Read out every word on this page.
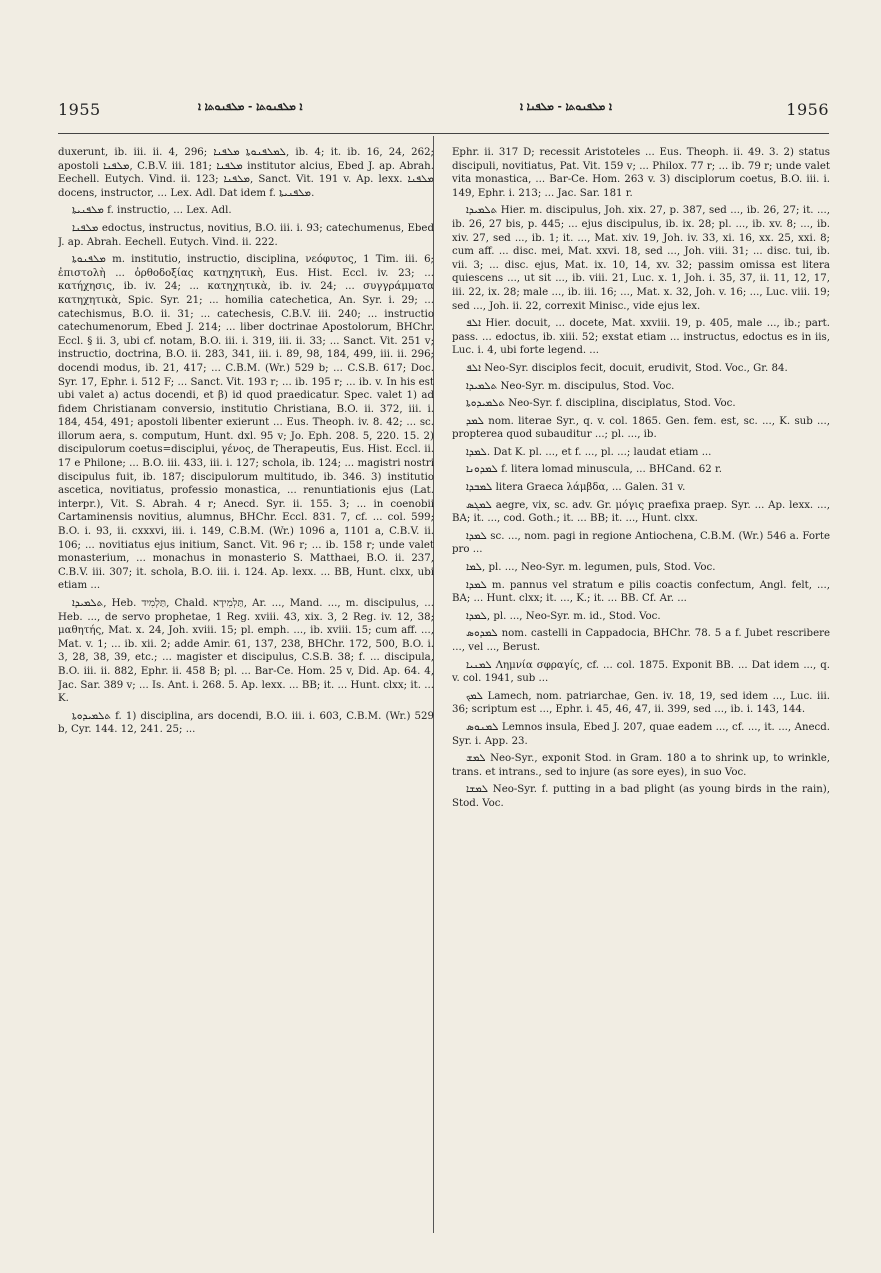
1955	ܐ ܡܠܦܢܘܬܐ - ܡܠܦܢܘܬܐ ܐ	ܐ ܡܠܦܢܘܬܐ - ܡܠܦܢܐ ܐ	1956

duxerunt, ib. iii. ii. 4, 296; ܠܡܠܦܢܘܬܐ ܡܠܦܢܐ, ib. 4; it. ib. 16, 24, 262; apostoli ܡܠܦܢܐ, C.B.V. iii. 181; ܡܠܦܢܐ institutor alcius, Ebed J. ap. Abrah. Eechell. Eutych. Vind. ii. 123; ܡܠܦܢܐ, Sanct. Vit. 191 v. Ap. lexx. ܡܠܦܢܐ docens, instructor, ... Lex. Adl. Dat idem f. ܡܠܦܢܝܬܐ.

ܡܠܦܢܝܬܐ f. instructio, ... Lex. Adl.

ܡܠܦܢܐ edoctus, instructus, novitius, B.O. iii. i. 93; catechumenus, Ebed J. ap. Abrah. Eechell. Eutych. Vind. ii. 222.

ܡܠܦܢܘܬܐ m. institutio, instructio, disciplina, νεόφυτος, 1 Tim. iii. 6; ἐπιστολὴ ... ὀρθοδοξίας κατηχητικὴ, Eus. Hist. Eccl. iv. 23; ... κατήχησις, ib. iv. 24; ... κατηχητικὰ, ib. iv. 24; ... συγγράμματα κατηχητικὰ, Spic. Syr. 21; ... homilia catechetica, An. Syr. i. 29; ... catechismus, B.O. ii. 31; ... catechesis, C.B.V. iii. 240; ... instructio catechumenorum, Ebed J. 214; ... liber doctrinae Apostolorum, BHChr. Eccl. § ii. 3, ubi cf. notam, B.O. iii. i. 319, iii. ii. 33; ... Sanct. Vit. 251 v; instructio, doctrina, B.O. ii. 283, 341, iii. i. 89, 98, 184, 499, iii. ii. 296; docendi modus, ib. 21, 417; ... C.B.M. (Wr.) 529 b; ... C.S.B. 617; Doc. Syr. 17, Ephr. i. 512 F; ... Sanct. Vit. 193 r; ... ib. 195 r; ... ib. v. In his est ubi valet a) actus docendi, et β) id quod praedicatur. Spec. valet 1) ad fidem Christianam conversio, institutio Christiana, B.O. ii. 372, iii. i. 184, 454, 491; apostoli libenter exierunt ... Eus. Theoph. iv. 8. 42; ... sc. illorum aera, s. computum, Hunt. dxl. 95 v; Jo. Eph. 208. 5, 220. 15. 2) discipulorum coetus=disciplui, γένος, de Therapeutis, Eus. Hist. Eccl. ii. 17 e Philone; ... B.O. iii. 433, iii. i. 127; schola, ib. 124; ... magistri nostri discipulus fuit, ib. 187; discipulorum multitudo, ib. 346. 3) institutio ascetica, novitiatus, professio monastica, ... renuntiationis ejus (Lat. interpr.), Vit. S. Abrah. 4 r; Anecd. Syr. ii. 155. 3; ... in coenobii Cartaminensis novitius, alumnus, BHChr. Eccl. 831. 7, cf. ... col. 599; B.O. i. 93, ii. cxxxvi, iii. i. 149, C.B.M. (Wr.) 1096 a, 1101 a, C.B.V. ii. 106; ... novitiatus ejus initium, Sanct. Vit. 96 r; ... ib. 158 r; unde valet monasterium, ... monachus in monasterio S. Matthaei, B.O. ii. 237, C.B.V. iii. 307; it. schola, B.O. iii. i. 124. Ap. lexx. ... BB, Hunt. clxx, ubi etiam ...

ܬܠܡܝܕܐ, Heb. תַּלְמִיד, Chald. תַּלְמִידָא, Ar. ..., Mand. ..., m. discipulus, ... Heb. ..., de servo prophetae, 1 Reg. xviii. 43, xix. 3, 2 Reg. iv. 12, 38; μαθητής, Mat. x. 24, Joh. xviii. 15; pl. emph. ..., ib. xviii. 15; cum aff. ..., Mat. v. 1; ... ib. xii. 2; adde Amir. 61, 137, 238, BHChr. 172, 500, B.O. i. 3, 28, 38, 39, etc.; ... magister et discipulus, C.S.B. 38; f. ... discipula, B.O. iii. ii. 882, Ephr. ii. 458 B; pl. ... Bar-Ce. Hom. 25 v, Did. Ap. 64. 4, Jac. Sar. 389 v; ... Is. Ant. i. 268. 5. Ap. lexx. ... BB; it. ... Hunt. clxx; it. ... K.

ܬܠܡܝܕܘܬܐ f. 1) disciplina, ars docendi, B.O. iii. i. 603, C.B.M. (Wr.) 529 b, Cyr. 144. 12, 241. 25; ...

Ephr. ii. 317 D; recessit Aristoteles ... Eus. Theoph. ii. 49. 3. 2) status discipuli, novitiatus, Pat. Vit. 159 v; ... Philox. 77 r; ... ib. 79 r; unde valet vita monastica, ... Bar-Ce. Hom. 263 v. 3) disciplorum coetus, B.O. iii. i. 149, Ephr. i. 213; ... Jac. Sar. 181 r.

ܬܠܡܝܕܐ Hier. m. discipulus, Joh. xix. 27, p. 387, sed ..., ib. 26, 27; it. ..., ib. 26, 27 bis, p. 445; ... ejus discipulus, ib. ix. 28; pl. ..., ib. xv. 8; ..., ib. xiv. 27, sed ..., ib. 1; it. ..., Mat. xiv. 19, Joh. iv. 33, xi. 16, xx. 25, xxi. 8; cum aff. ... disc. mei, Mat. xxvi. 18, sed ..., Joh. viii. 31; ... disc. tui, ib. vii. 3; ... disc. ejus, Mat. ix. 10, 14, xv. 32; passim omissa est litera quiescens ..., ut sit ..., ib. viii. 21, Luc. x. 1, Joh. i. 35, 37, ii. 11, 12, 17, iii. 22, ix. 28; male ..., ib. iii. 16; ..., Mat. x. 32, Joh. v. 16; ..., Luc. viii. 19; sed ..., Joh. ii. 22, correxit Minisc., vide ejus lex.

ܐܠܦ Hier. docuit, ... docete, Mat. xxviii. 19, p. 405, male ..., ib.; part. pass. ... edoctus, ib. xiii. 52; exstat etiam ... instructus, edoctus es in iis, Luc. i. 4, ubi forte legend. ...

ܐܠܦ Neo-Syr. disciplos fecit, docuit, erudivit, Stod. Voc., Gr. 84.

ܬܠܡܝܕܐ Neo-Syr. m. discipulus, Stod. Voc.

ܬܠܡܝܕܘܬܐ Neo-Syr. f. disciplina, disciplatus, Stod. Voc.

ܠܡܕ nom. literae Syr., q. v. col. 1865. Gen. fem. est, sc. ..., K. sub ..., propterea quod subauditur ...; pl. ..., ib.

ܠܡܕܐ. Dat K. pl. ..., et f. ..., pl. ...; laudat etiam ...

ܠܡܕܘܢܐ f. litera lomad minuscula, ... BHCand. 62 r.

ܠܡܒܕܐ litera Graeca λάμβδα, ... Galen. 31 v.

ܠܡܓܣ aegre, vix, sc. adv. Gr. μόγις praefixa praep. Syr. ... Ap. lexx. ..., BA; it. ..., cod. Goth.; it. ... BB; it. ..., Hunt. clxx.

ܠܡܕܐ sc. ..., nom. pagi in regione Antiochena, C.B.M. (Wr.) 546 a. Forte pro ...

ܠܡܐ, pl. ..., Neo-Syr. m. legumen, puls, Stod. Voc.

ܠܡܕܐ m. pannus vel stratum e pilis coactis confectum, Angl. felt, ..., BA; ... Hunt. clxx; it. ..., K.; it. ... BB. Cf. Ar. ...

ܠܡܕܐ, pl. ..., Neo-Syr. m. id., Stod. Voc.

ܠܡܕܘܣ nom. castelli in Cappadocia, BHChr. 78. 5 a f. Jubet rescribere ..., vel ..., Berust.

ܠܡܢܝܐ Λημνία σφραγίς, cf. ... col. 1875. Exponit BB. ... Dat idem ..., q. v. col. 1941, sub ...

ܠܡܟ Lamech, nom. patriarchae, Gen. iv. 18, 19, sed idem ..., Luc. iii. 36; scriptum est ..., Ephr. i. 45, 46, 47, ii. 399, sed ..., ib. i. 143, 144.

ܠܡܢܘܣ Lemnos insula, Ebed J. 207, quae eadem ..., cf. ..., it. ..., Anecd. Syr. i. App. 23.

ܠܡܫ Neo-Syr., exponit Stod. in Gram. 180 a to shrink up, to wrinkle, trans. et intrans., sed to injure (as sore eyes), in suo Voc.

ܠܡܫܐ Neo-Syr. f. putting in a bad plight (as young birds in the rain), Stod. Voc.
